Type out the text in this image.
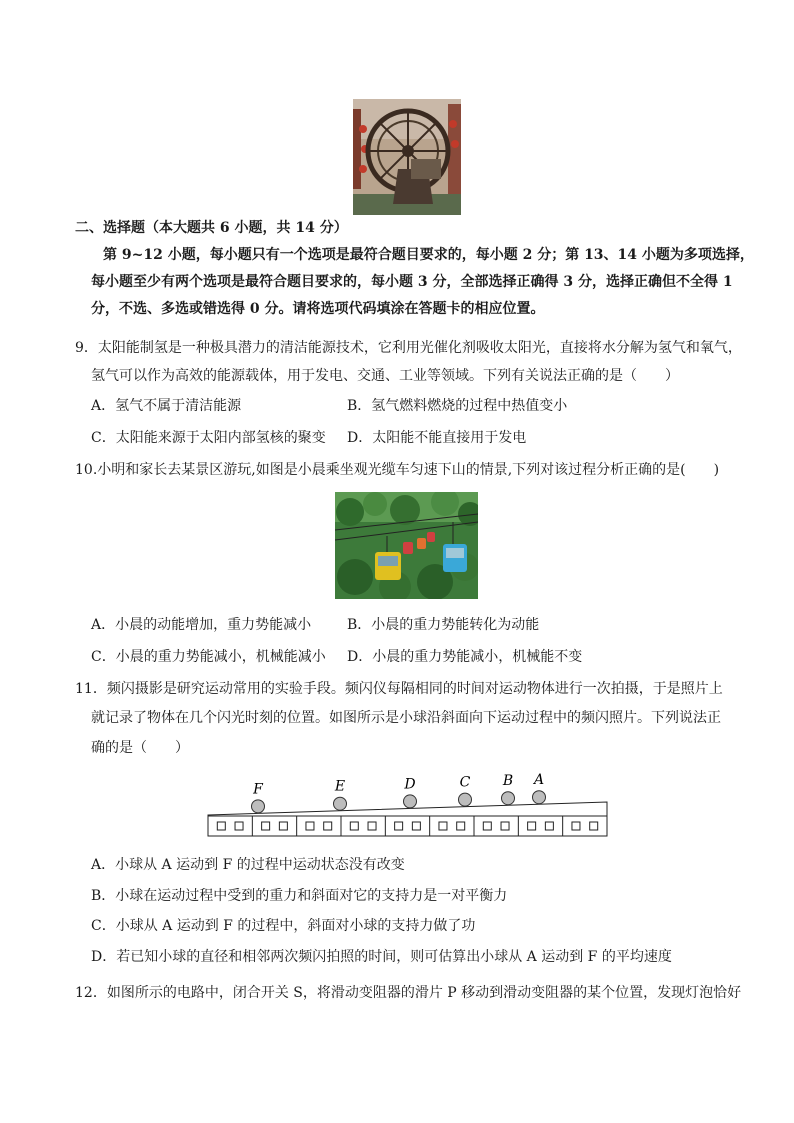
二、选择题（本大题共 6 小题，共 14 分）
第 9~12 小题，每小题只有一个选项是最符合题目要求的，每小题 2 分；第 13、14 小题为多项选择，
每小题至少有两个选项是最符合题目要求的，每小题 3 分，全部选择正确得 3 分，选择正确但不全得 1
分，不选、多选或错选得 0 分。请将选项代码填涂在答题卡的相应位置。
9．太阳能制氢是一种极具潜力的清洁能源技术，它利用光催化剂吸收太阳光，直接将水分解为氢气和氧气，
氢气可以作为高效的能源载体，用于发电、交通、工业等领域。下列有关说法正确的是（　　）
A．氢气不属于清洁能源	B．氢气燃料燃烧的过程中热值变小
C．太阳能来源于太阳内部氢核的聚变 D．太阳能不能直接用于发电
10.小明和家长去某景区游玩,如图是小晨乘坐观光缆车匀速下山的情景,下列对该过程分析正确的是(　　)
A．小晨的动能增加，重力势能减小	B．小晨的重力势能转化为动能
C．小晨的重力势能减小，机械能减小 D．小晨的重力势能减小，机械能不变
11．频闪摄影是研究运动常用的实验手段。频闪仪每隔相同的时间对运动物体进行一次拍摄，于是照片上
就记录了物体在几个闪光时刻的位置。如图所示是小球沿斜面向下运动过程中的频闪照片。下列说法正
确的是（　　）
F	E	D	C B A
A．小球从 A 运动到 F 的过程中运动状态没有改变
B．小球在运动过程中受到的重力和斜面对它的支持力是一对平衡力
C．小球从 A 运动到 F 的过程中，斜面对小球的支持力做了功
D．若已知小球的直径和相邻两次频闪拍照的时间，则可估算出小球从 A 运动到 F 的平均速度
12．如图所示的电路中，闭合开关 S，将滑动变阻器的滑片 P 移动到滑动变阻器的某个位置，发现灯泡恰好
